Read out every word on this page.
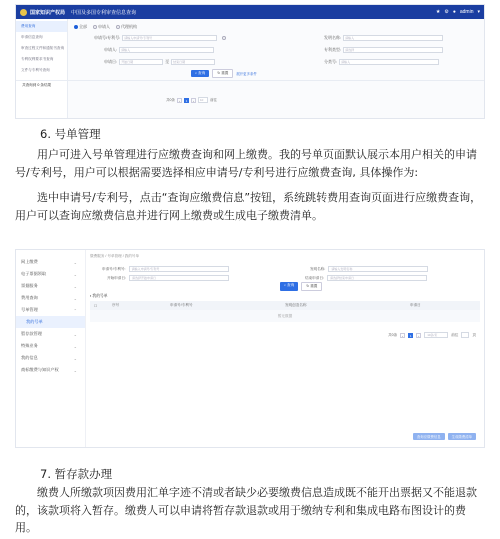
国家知识产权局 中国及多国专利审查信息查询	★ ⚙ ● admin ▾
费用查询
申请信息查询
审查过程文件和通知书查询
专利权利要求书查询
文件与专利号查询
全部	申请人	代理机构
申请号/专利号:	请输入申请号/专利号
申请人:	请输入
申请日:	开始日期	至	结束日期
发明名称:	请输入
专利类型:	请选择
分类号:	请输入
⌕ 查询	↻ 重置	展开更多条件
共查询到 0 条结果
共0条	‹	1	›	10	前往
6. 号单管理
用户可进入号单管理进行应缴费查询和网上缴费。我的号单页面默认展示本用户相关的申请号/专利号，用户可以根据需要选择相应申请号/专利号进行应缴费查询, 具体操作为:
选中申请号/专利号，点击“查询应缴费信息”按钮，系统跳转费用查询页面进行应缴费查询，用户可以查询应缴费信息并进行网上缴费或生成电子缴费清单。
网上缴费	⌄
电子票据领取	⌄
票据服务	⌄
费用查询	⌄
号单管理	⌃
我的号单
暂存款管理	⌄
特殊业务	⌄
我的信息	⌄
商标缴费与知识产权	⌄
缴费服务 / 号单管理 / 我的号单
申请号/专利号:	请输入申请号/专利号	发明名称:	请输入发明名称
开始申请日:	请选择开始申请日	结束申请日:	请选择结束申请日
⌕ 查询	↻ 重置
▪ 我的号单
☐	序号	申请号/专利号	发明创造名称	申请日
暂无数据
共0条	‹	1	›	10条/页	前往	页
查询应缴费信息	生成缴费清单
7. 暂存款办理
缴费人所缴款项因费用汇单字迹不清或者缺少必要缴费信息造成既不能开出票据又不能退款的，该款项将入暂存。缴费人可以申请将暂存款退款或用于缴纳专利和集成电路布图设计的费用。
